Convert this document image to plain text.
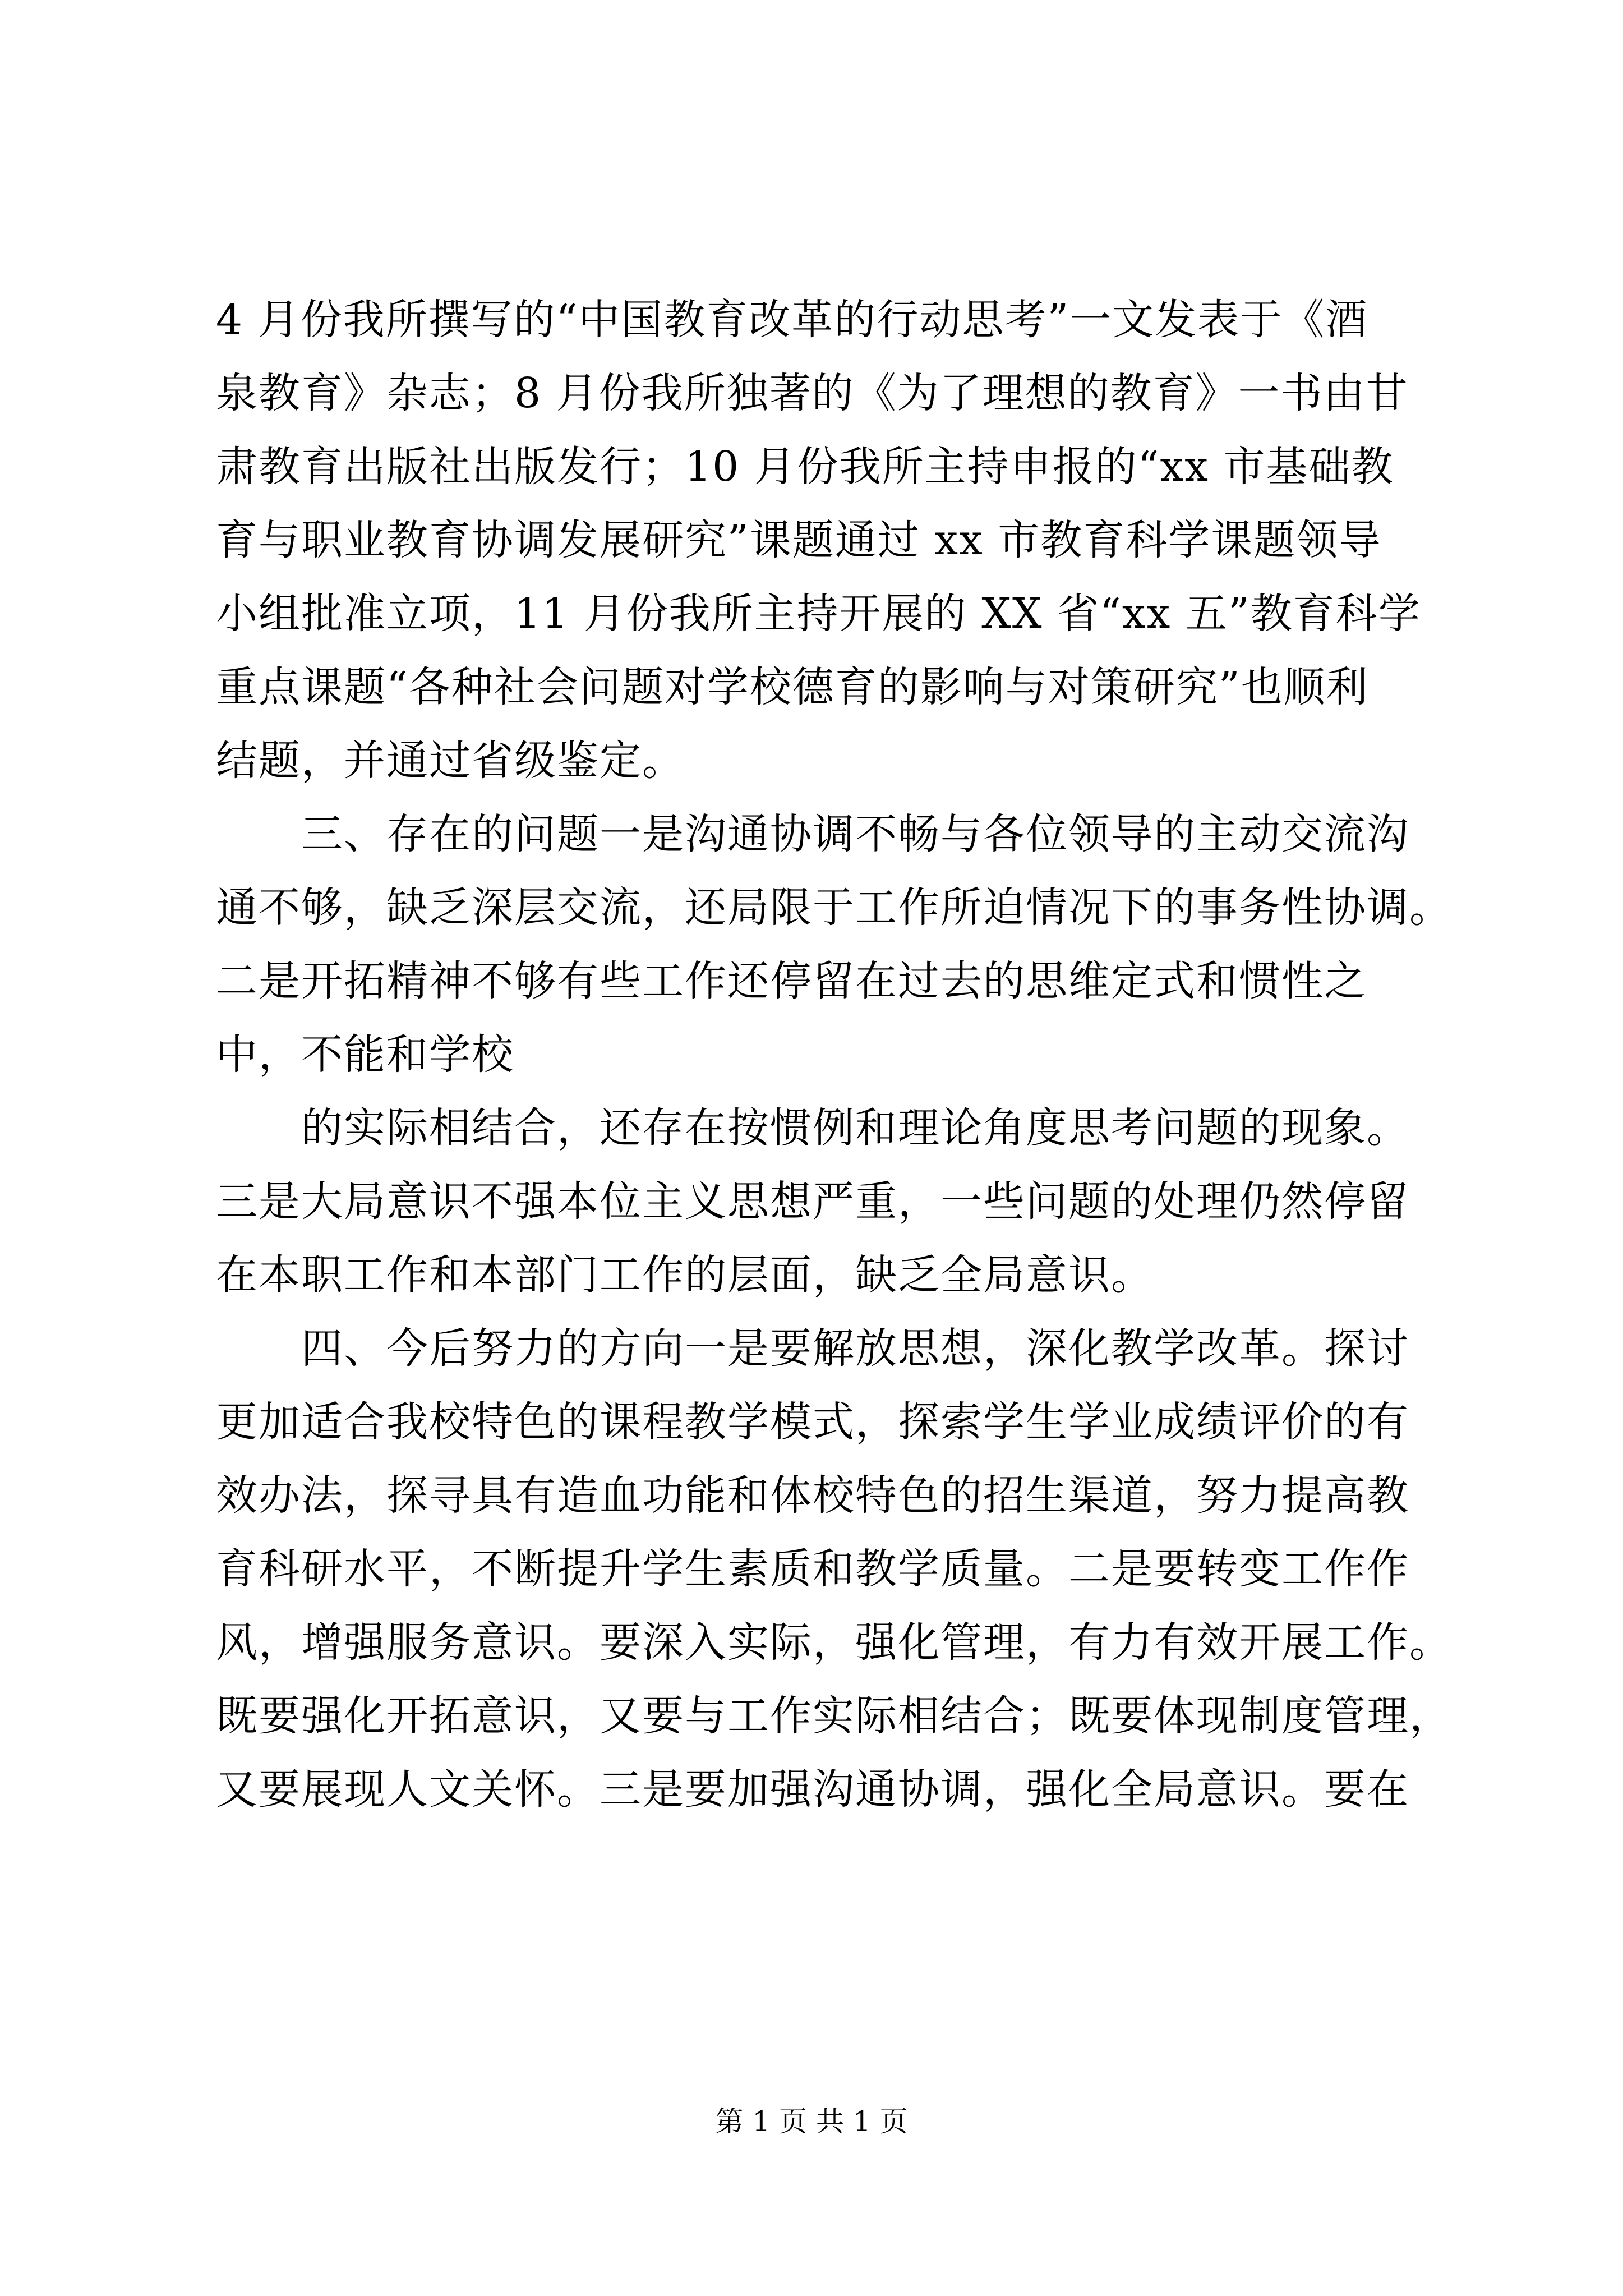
4 月份我所撰写的“中国教育改革的行动思考”一文发表于《酒
泉教育》杂志；8 月份我所独著的《为了理想的教育》一书由甘
肃教育出版社出版发行；10 月份我所主持申报的“xx 市基础教
育与职业教育协调发展研究”课题通过 xx 市教育科学课题领导
小组批准立项，11 月份我所主持开展的 XX 省“xx 五”教育科学
重点课题“各种社会问题对学校德育的影响与对策研究”也顺利
结题，并通过省级鉴定。
三、存在的问题一是沟通协调不畅与各位领导的主动交流沟
通不够，缺乏深层交流，还局限于工作所迫情况下的事务性协调。
二是开拓精神不够有些工作还停留在过去的思维定式和惯性之
中，不能和学校
的实际相结合，还存在按惯例和理论角度思考问题的现象。
三是大局意识不强本位主义思想严重，一些问题的处理仍然停留
在本职工作和本部门工作的层面，缺乏全局意识。
四、今后努力的方向一是要解放思想，深化教学改革。探讨
更加适合我校特色的课程教学模式，探索学生学业成绩评价的有
效办法，探寻具有造血功能和体校特色的招生渠道，努力提高教
育科研水平，不断提升学生素质和教学质量。二是要转变工作作
风，增强服务意识。要深入实际，强化管理，有力有效开展工作。
既要强化开拓意识，又要与工作实际相结合；既要体现制度管理，
又要展现人文关怀。三是要加强沟通协调，强化全局意识。要在
第 1 页 共 1 页
